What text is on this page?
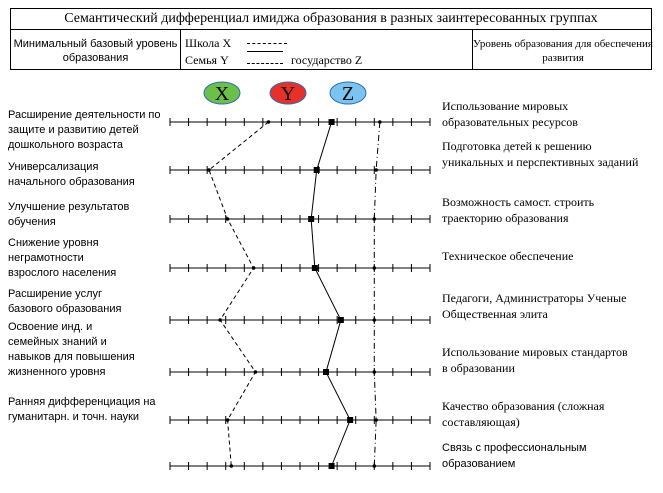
Семантический дифференциал имиджа образования в разных заинтересованных группах
Минимальный базовый уровень образования
Школа X
Семья Y	государство Z
Уровень образования для обеспечения развития
X	Y Z
Расширение деятельности по
защите и развитию детей
дошкольного возраста
Универсализация
начального образования
Улучшение результатов
обучения
Снижение уровня
неграмотности
взрослого населения
Расширение услуг
базового образования
Освоение инд. и
семейных знаний и
навыков для повышения
жизненного уровня
Ранняя дифференциация на
гуманитарн. и точн. науки
Использование мировых
образовательных ресурсов
Подготовка детей к решению
уникальных и перспективных заданий
Возможность самост. строить
траекторию образования
Техническое обеспечение
Педагоги, Администраторы Ученые
Общественная элита
Использование мировых стандартов
в образовании
Качество образования (сложная
составляющая)
Связь с профессиональным
образованием
